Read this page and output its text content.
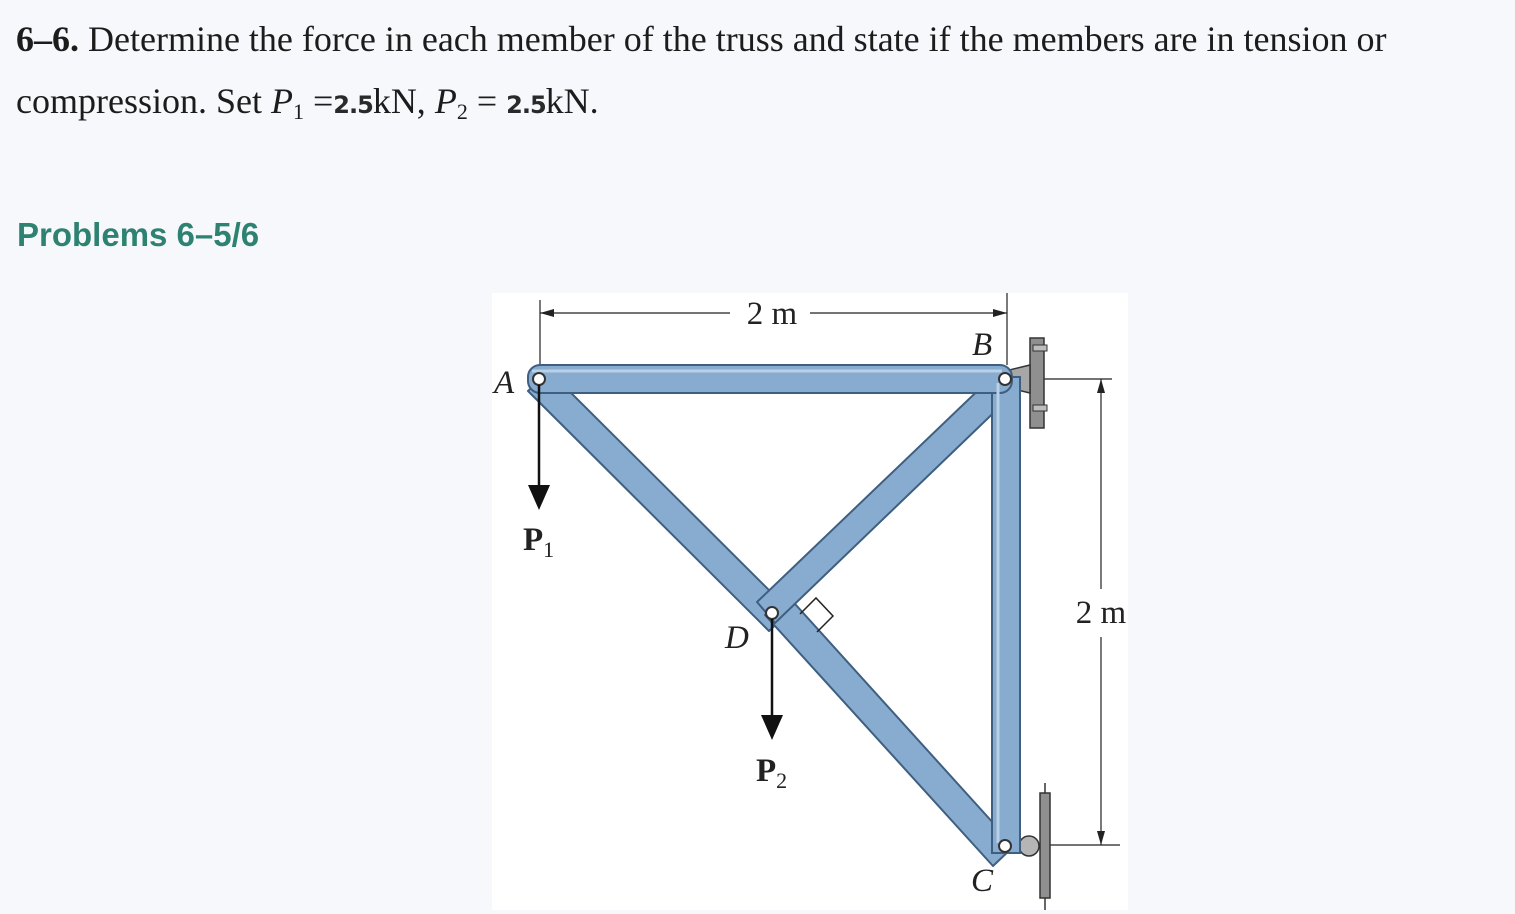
6–6. Determine the force in each member of the truss and state if the members are in tension or
compression. Set $P_1 =2.5kN$, $P_2 = 2.5kN$.
Problems 6–5/6
2 m
2 m
P1
P2
A
B
C
D
